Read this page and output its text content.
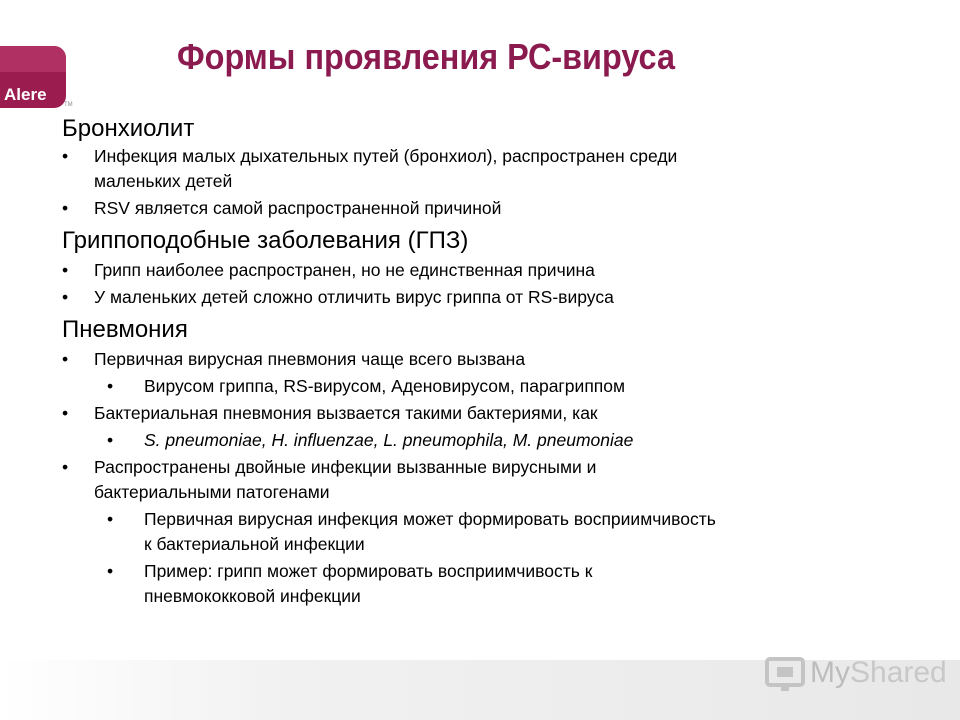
Alere
TM
Формы проявления РС-вируса
Бронхиолит
• Инфекция малых дыхательных путей (бронхиол), распространен среди
маленьких детей
• RSV является самой распространенной причиной
Гриппоподобные заболевания (ГПЗ)
• Грипп наиболее распространен, но не единственная причина
• У маленьких детей сложно отличить вирус гриппа от RS-вируса
Пневмония
• Первичная вирусная пневмония чаще всего вызвана
• Вирусом гриппа, RS-вирусом, Аденовирусом, парагриппом
• Бактериальная пневмония вызвается такими бактериями, как
• S. pneumoniae, H. influenzae, L. pneumophila, M. pneumoniae
• Распространены двойные инфекции вызванные вирусными и
бактериальными патогенами
• Первичная вирусная инфекция может формировать восприимчивость
к бактериальной инфекции
• Пример: грипп может формировать восприимчивость к
пневмококковой инфекции
MyShared
